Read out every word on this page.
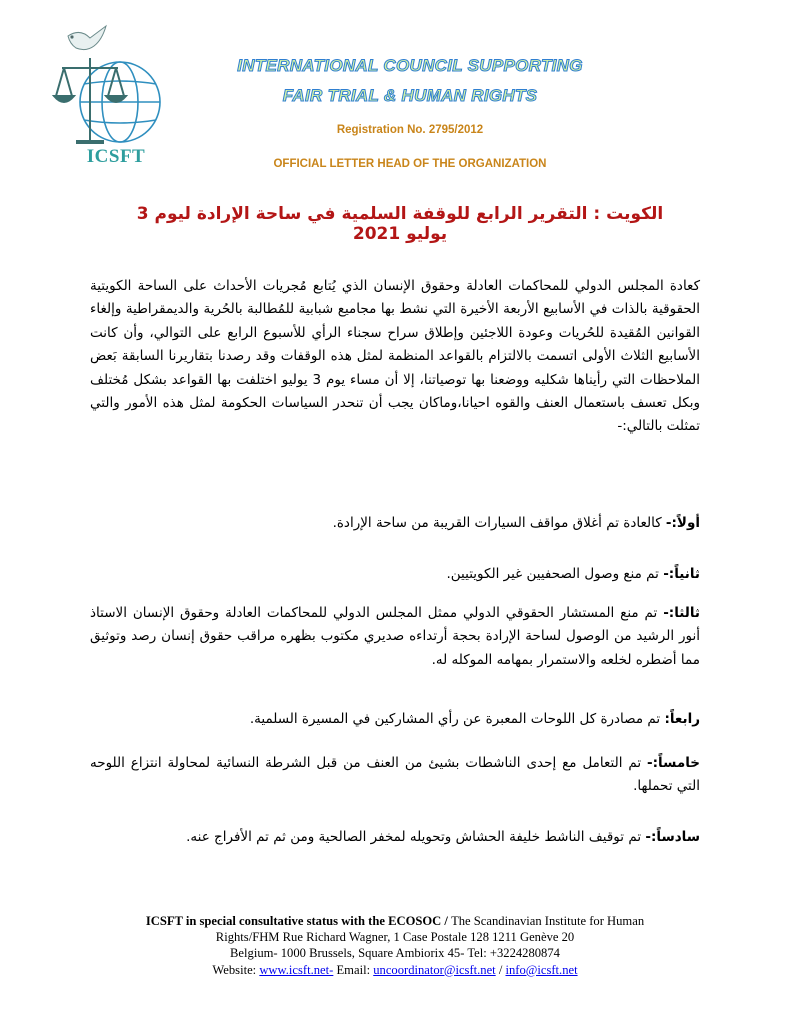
ICSFT
INTERNATIONAL COUNCIL SUPPORTING
FAIR TRIAL & HUMAN RIGHTS
Registration No. 2795/2012
OFFICIAL LETTER HEAD OF THE ORGANIZATION
الكويت : التقرير الرابع للوقفة السلمية في ساحة الإرادة ليوم 3 يوليو 2021

كعادة المجلس الدولي للمحاكمات العادلة وحقوق الإنسان الذي يُتابع مُجريات الأحداث على الساحة الكويتية الحقوقية بالذات في الأسابيع الأربعة الأخيرة التي نشط بها مجاميع شبابية للمُطالبة بالحُرية والديمقراطية وإلغاء القوانين المُقيدة للحُريات وعودة اللاجئين وإطلاق سراح سجناء الرأي للأسبوع الرابع على التوالي، وأن كانت الأسابيع الثلاث الأولى اتسمت بالالتزام بالقواعد المنظمة لمثل هذه الوقفات وقد رصدنا بتقاريرنا السابقة بَعض الملاحظات التي رأيناها شكليه ووضعنا بها توصياتنا، إلا أن مساء يوم 3 يوليو اختلفت بها القواعد بشكل مُختلف وبكل تعسف باستعمال العنف والقوه احيانا،وماكان يجب أن تنحدر السياسات الحكومة لمثل هذه الأمور والتي تمثلت بالتالي:-

أولاً:- كالعادة تم أغلاق مواقف السيارات القريبة من ساحة الإرادة.

ثانياً:- تم منع وصول الصحفيين غير الكويتيين.

ثالثا:- تم منع المستشار الحقوقي الدولي ممثل المجلس الدولي للمحاكمات العادلة وحقوق الإنسان الاستاذ أنور الرشيد من الوصول لساحة الإرادة بحجة أرتداءه صديري مكتوب بظهره مراقب حقوق إنسان رصد وتوثيق مما أضطره لخلعه والاستمرار بمهامه الموكله له.

رابعاً: تم مصادرة كل اللوحات المعبرة عن رأي المشاركين في المسيرة السلمية.

خامساً:- تم التعامل مع إحدى الناشطات بشيئ من العنف من قبل الشرطة النسائية لمحاولة انتزاع اللوحه التي تحملها.

سادساً:- تم توقيف الناشط خليفة الحشاش وتحويله لمخفر الصالحية ومن ثم تم الأفراج عنه.

ICSFT in special consultative status with the ECOSOC / The Scandinavian Institute for Human
Rights/FHM Rue Richard Wagner, 1 Case Postale 128 1211 Genève 20
Belgium- 1000 Brussels, Square Ambiorix 45- Tel: +3224280874
Website: www.icsft.net- Email: uncoordinator@icsft.net / info@icsft.net
